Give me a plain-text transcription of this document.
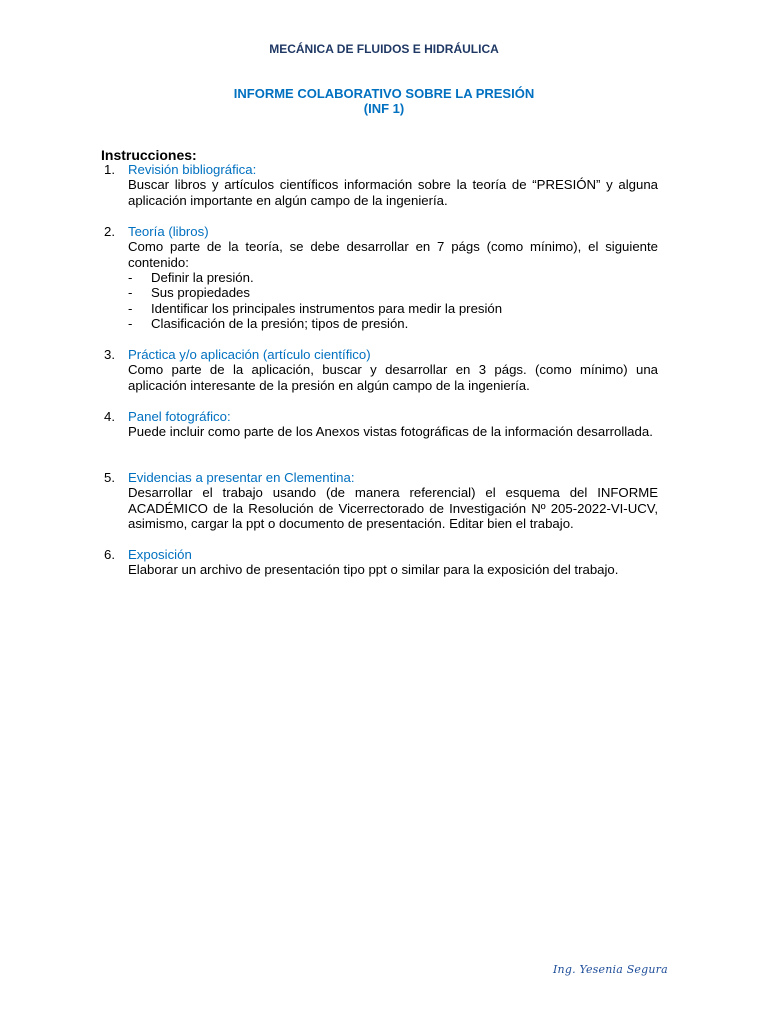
MECÁNICA DE FLUIDOS E HIDRÁULICA
INFORME COLABORATIVO SOBRE LA PRESIÓN
(INF 1)
Instrucciones:
1. Revisión bibliográfica:

Buscar libros y artículos científicos información sobre la teoría de “PRESIÓN” y alguna aplicación importante en algún campo de la ingeniería.

2. Teoría (libros)

Como parte de la teoría, se debe desarrollar en 7 págs (como mínimo), el siguiente contenido:

- Definir la presión.
- Sus propiedades
- Identificar los principales instrumentos para medir la presión
- Clasificación de la presión; tipos de presión.
3. Práctica y/o aplicación (artículo científico)

Como parte de la aplicación, buscar y desarrollar en 3 págs. (como mínimo) una aplicación interesante de la presión en algún campo de la ingeniería.

4. Panel fotográfico:

Puede incluir como parte de los Anexos vistas fotográficas de la información desarrollada.

5. Evidencias a presentar en Clementina:

Desarrollar el trabajo usando (de manera referencial) el esquema del INFORME ACADÉMICO de la Resolución de Vicerrectorado de Investigación Nº 205-2022-VI-UCV, asimismo, cargar la ppt o documento de presentación. Editar bien el trabajo.

6. Exposición

Elaborar un archivo de presentación tipo ppt o similar para la exposición del trabajo.

Ing. Yesenia Segura
